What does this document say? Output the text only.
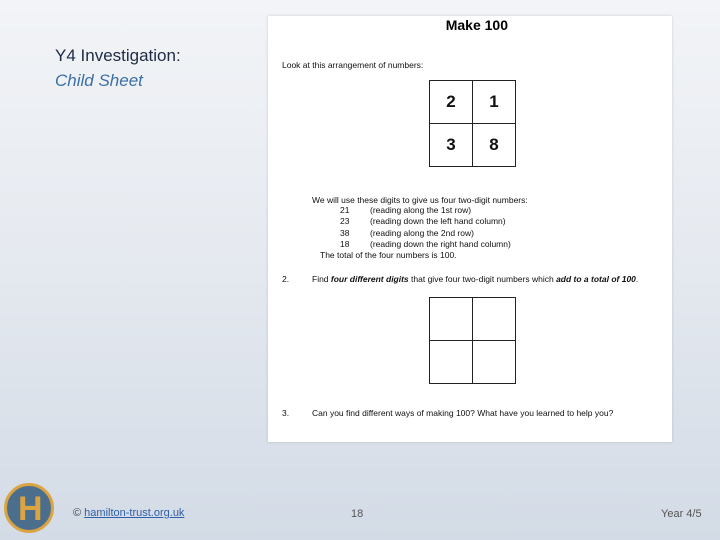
Y4 Investigation:
Child Sheet
Make 100
Look at this arrangement of numbers:
2	1
3	8
We will use these digits to give us four two-digit numbers:
21	(reading along the 1st row)
23	(reading down the left hand column)
38	(reading along the 2nd row)
18	(reading down the right hand column)
The total of the four numbers is 100.
2.	Find four different digits that give four two-digit numbers which add to a total of 100.

3.	Can you find different ways of making 100? What have you learned to help you?
H	© hamilton-trust.org.uk	18	Year 4/5
